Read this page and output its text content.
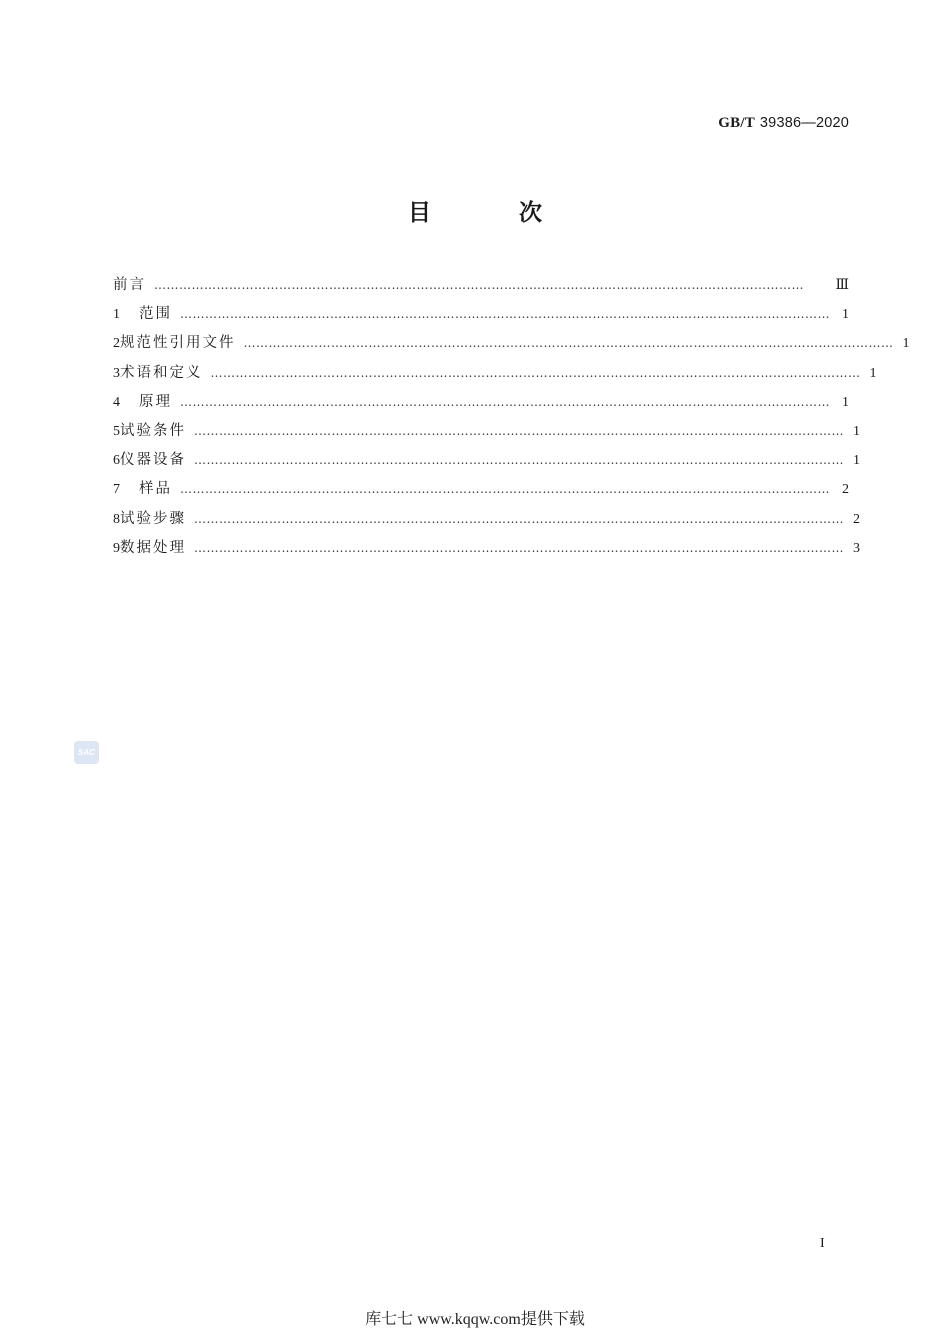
GB/T 39386—2020
目 次
前言 …………………………………………………………………………………………………………………………………………	Ⅲ
1	范围 ………………………………………………………………………………………………………………………………………… 1
2 规范性引用文件 ………………………………………………………………………………………………………………………………………… 1
3 术语和定义 ………………………………………………………………………………………………………………………………………… 1
4	原理 ………………………………………………………………………………………………………………………………………… 1
5 试验条件 ………………………………………………………………………………………………………………………………………… 1
6 仪器设备 ………………………………………………………………………………………………………………………………………… 1
7	样品 ………………………………………………………………………………………………………………………………………… 2
8 试验步骤 ………………………………………………………………………………………………………………………………………… 2
9 数据处理 ………………………………………………………………………………………………………………………………………… 3
SAC
I
库七七 www.kqqw.com提供下载
